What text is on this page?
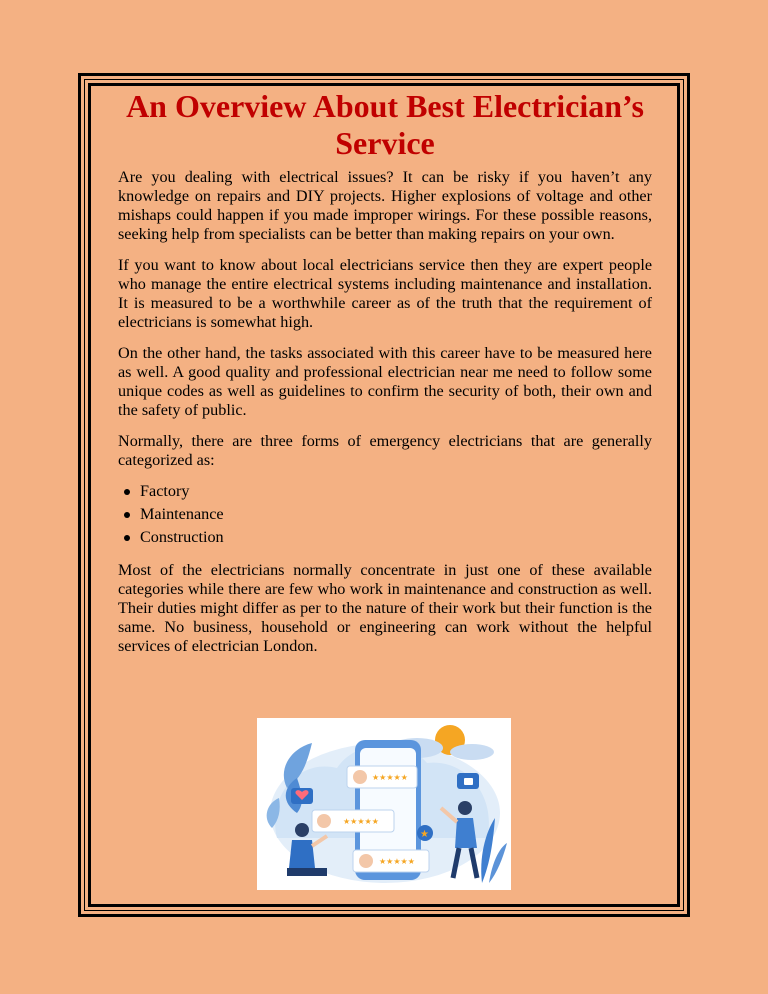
An Overview About Best Electrician’s Service

Are you dealing with electrical issues? It can be risky if you haven’t any knowledge on repairs and DIY projects. Higher explosions of voltage and other mishaps could happen if you made improper wirings. For these possible reasons, seeking help from specialists can be better than making repairs on your own.

If you want to know about local electricians service then they are expert people who manage the entire electrical systems including maintenance and installation. It is measured to be a worthwhile career as of the truth that the requirement of electricians is somewhat high.

On the other hand, the tasks associated with this career have to be measured here as well. A good quality and professional electrician near me need to follow some unique codes as well as guidelines to confirm the security of both, their own and the safety of public.

Normally, there are three forms of emergency electricians that are generally categorized as:

Factory
Maintenance
Construction

Most of the electricians normally concentrate in just one of these available categories while there are few who work in maintenance and construction as well. Their duties might differ as per to the nature of their work but their function is the same. No business, household or engineering can work without the helpful services of electrician London.

★★★★★
★★★★★
★★★★★
★
